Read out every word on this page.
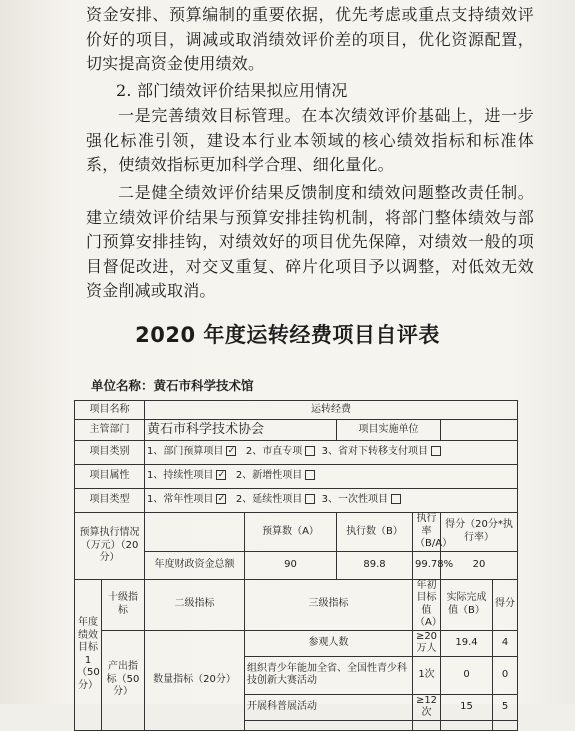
资金安排、预算编制的重要依据，优先考虑或重点支持绩效评价好的项目，调减或取消绩效评价差的项目，优化资源配置，切实提高资金使用绩效。

2. 部门绩效评价结果拟应用情况

一是完善绩效目标管理。在本次绩效评价基础上，进一步强化标准引领，建设本行业本领域的核心绩效指标和标准体系，使绩效指标更加科学合理、细化量化。

二是健全绩效评价结果反馈制度和绩效问题整改责任制。建立绩效评价结果与预算安排挂钩机制，将部门整体绩效与部门预算安排挂钩，对绩效好的项目优先保障，对绩效一般的项目督促改进，对交叉重复、碎片化项目予以调整，对低效无效资金削减或取消。

2020 年度运转经费项目自评表
单位名称：黄石市科学技术馆
项目名称		运转经费					
主管部门		黄石市科学技术协会		项目实施单位			
项目类别		1、部门预算项目 ✓ 2、市直专项 3、省对下转移支付项目					
项目属性		1、持续性项目 ✓ 2、新增性项目					
项目类型		1、常年性项目 ✓ 2、延续性项目 3、一次性项目					
预算执行情况（万元）（20分）			预算数（A）	执行数（B）	执行率（B/A）	得分（20分*执行率）	
		年度财政资金总额	90	89.8	99.78%	20	
年度绩效目标1（50分）	十级指标	二级指标	三级指标		年初目标值（A）	实际完成值（B）	得分
	产出指标（50分）	数量指标（20分）	参观人数		≥20万人	19.4	4
			组织青少年能加全省、全国性青少科技创新大赛活动		1次	0	0
			开展科普展活动		≥12次	15	5
